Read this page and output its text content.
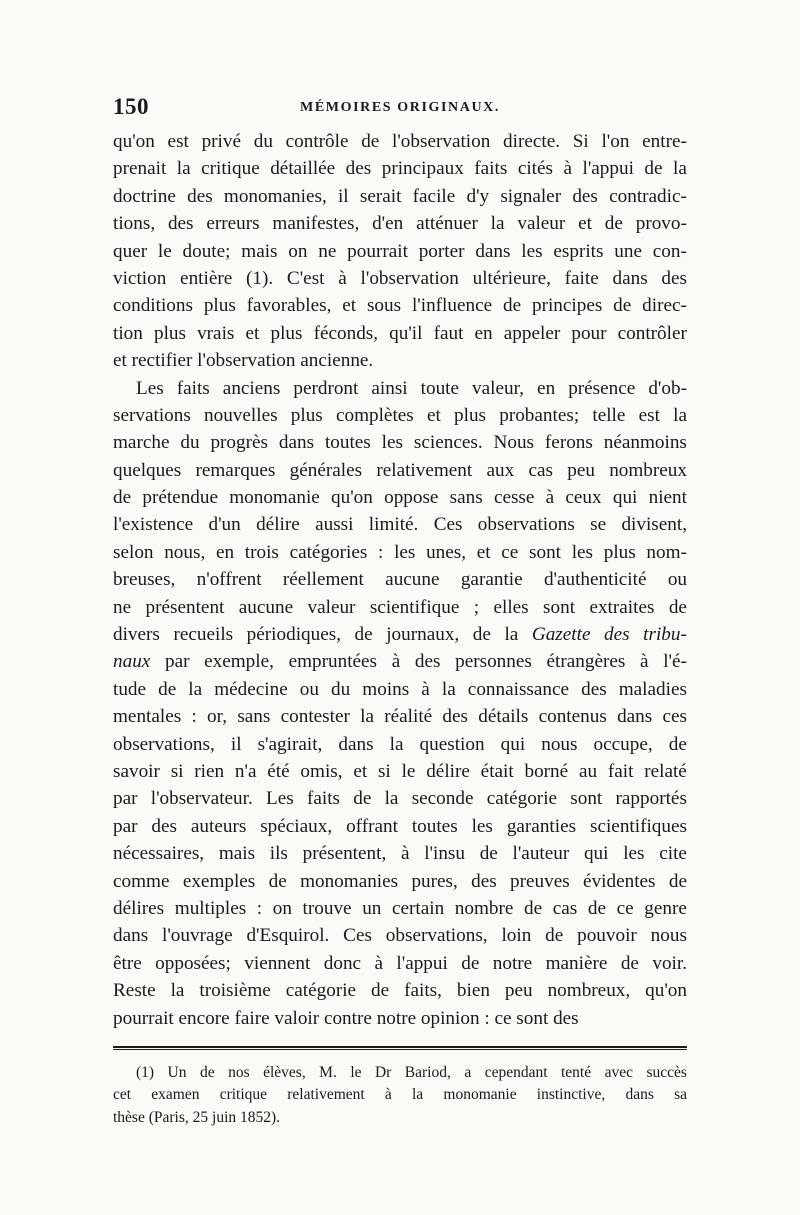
150	MÉMOIRES ORIGINAUX.
qu'on est privé du contrôle de l'observation directe. Si l'on entre-
prenait la critique détaillée des principaux faits cités à l'appui de la
doctrine des monomanies, il serait facile d'y signaler des contradic-
tions, des erreurs manifestes, d'en atténuer la valeur et de provo-
quer le doute; mais on ne pourrait porter dans les esprits une con-
viction entière (1). C'est à l'observation ultérieure, faite dans des
conditions plus favorables, et sous l'influence de principes de direc-
tion plus vrais et plus féconds, qu'il faut en appeler pour contrôler
et rectifier l'observation ancienne.
Les faits anciens perdront ainsi toute valeur, en présence d'ob-
servations nouvelles plus complètes et plus probantes; telle est la
marche du progrès dans toutes les sciences. Nous ferons néanmoins
quelques remarques générales relativement aux cas peu nombreux
de prétendue monomanie qu'on oppose sans cesse à ceux qui nient
l'existence d'un délire aussi limité. Ces observations se divisent,
selon nous, en trois catégories : les unes, et ce sont les plus nom-
breuses, n'offrent réellement aucune garantie d'authenticité ou
ne présentent aucune valeur scientifique ; elles sont extraites de
divers recueils périodiques, de journaux, de la Gazette des tribu-
naux par exemple, empruntées à des personnes étrangères à l'é-
tude de la médecine ou du moins à la connaissance des maladies
mentales : or, sans contester la réalité des détails contenus dans ces
observations, il s'agirait, dans la question qui nous occupe, de
savoir si rien n'a été omis, et si le délire était borné au fait relaté
par l'observateur. Les faits de la seconde catégorie sont rapportés
par des auteurs spéciaux, offrant toutes les garanties scientifiques
nécessaires, mais ils présentent, à l'insu de l'auteur qui les cite
comme exemples de monomanies pures, des preuves évidentes de
délires multiples : on trouve un certain nombre de cas de ce genre
dans l'ouvrage d'Esquirol. Ces observations, loin de pouvoir nous
être opposées; viennent donc à l'appui de notre manière de voir.
Reste la troisième catégorie de faits, bien peu nombreux, qu'on
pourrait encore faire valoir contre notre opinion : ce sont des
(1) Un de nos élèves, M. le Dr Bariod, a cependant tenté avec succès
cet examen critique relativement à la monomanie instinctive, dans sa
thèse (Paris, 25 juin 1852).
